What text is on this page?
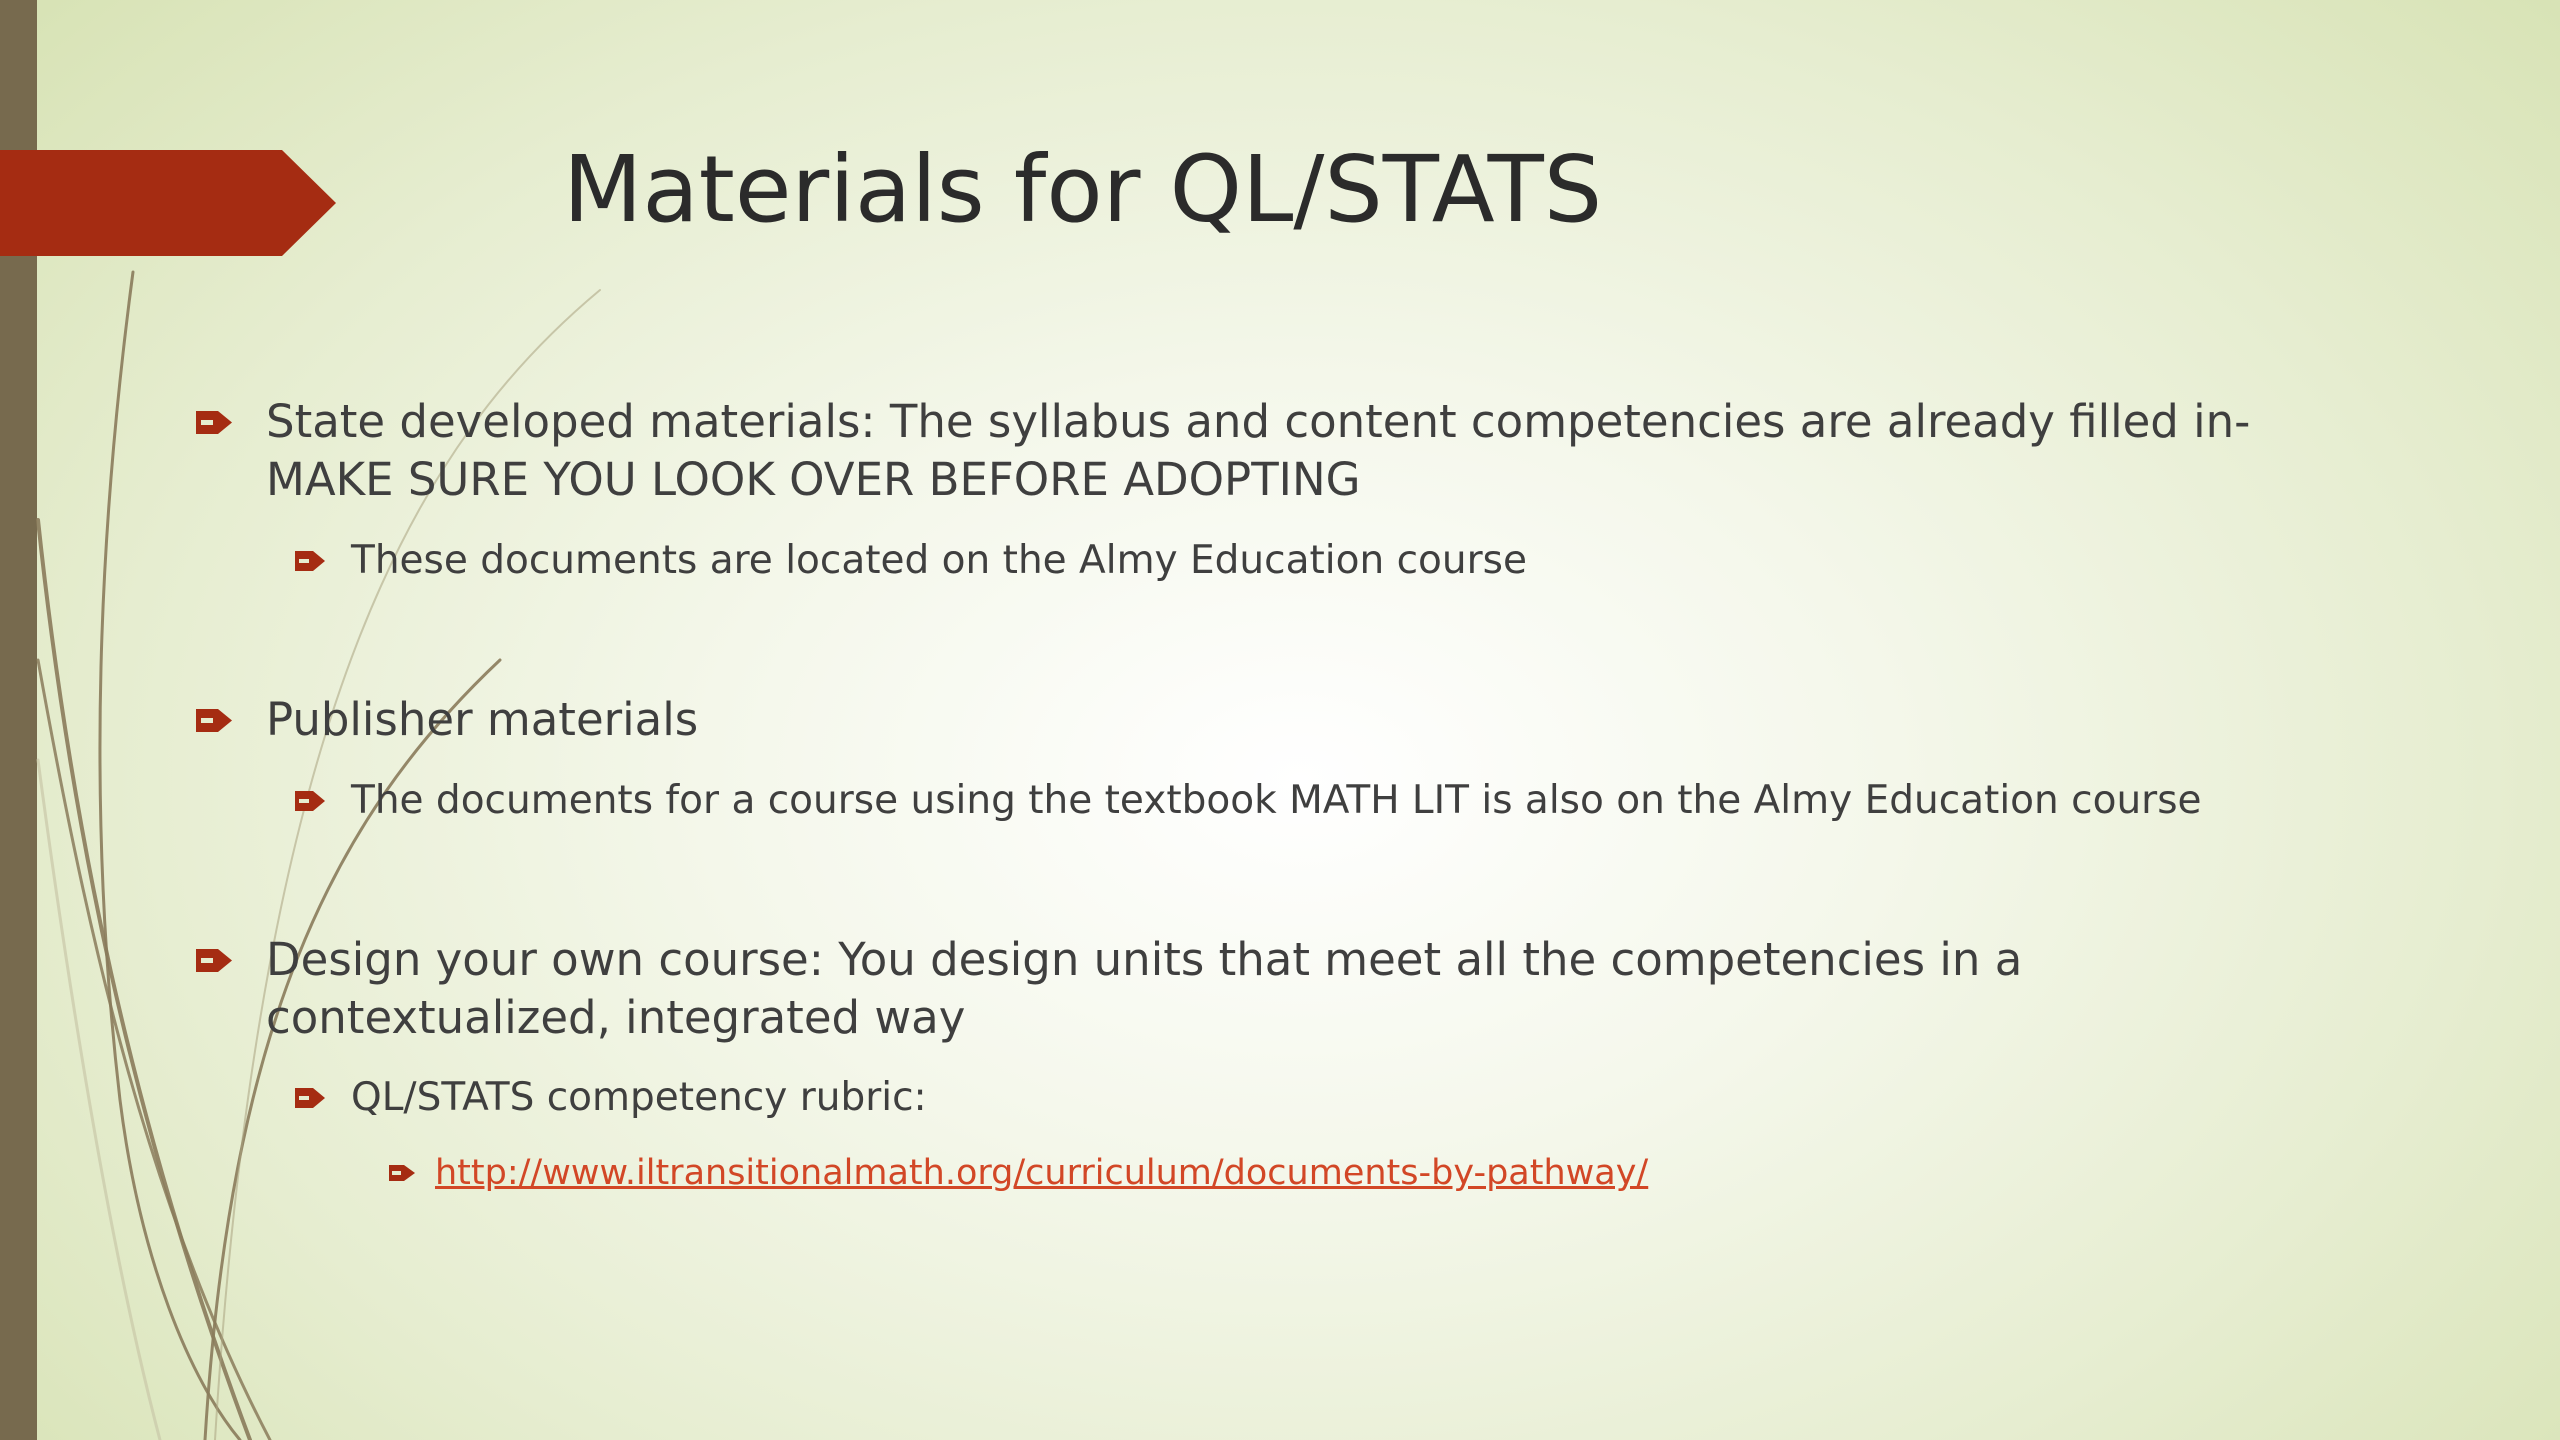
Materials for QL/STATS
State developed materials: The syllabus and content competencies are already filled in-
MAKE SURE YOU LOOK OVER BEFORE ADOPTING
These documents are located on the Almy Education course
Publisher materials
The documents for a course using the textbook MATH LIT is also on the Almy Education course
Design your own course: You design units that meet all the competencies in a
contextualized, integrated way
QL/STATS competency rubric:
http://www.iltransitionalmath.org/curriculum/documents-by-pathway/
